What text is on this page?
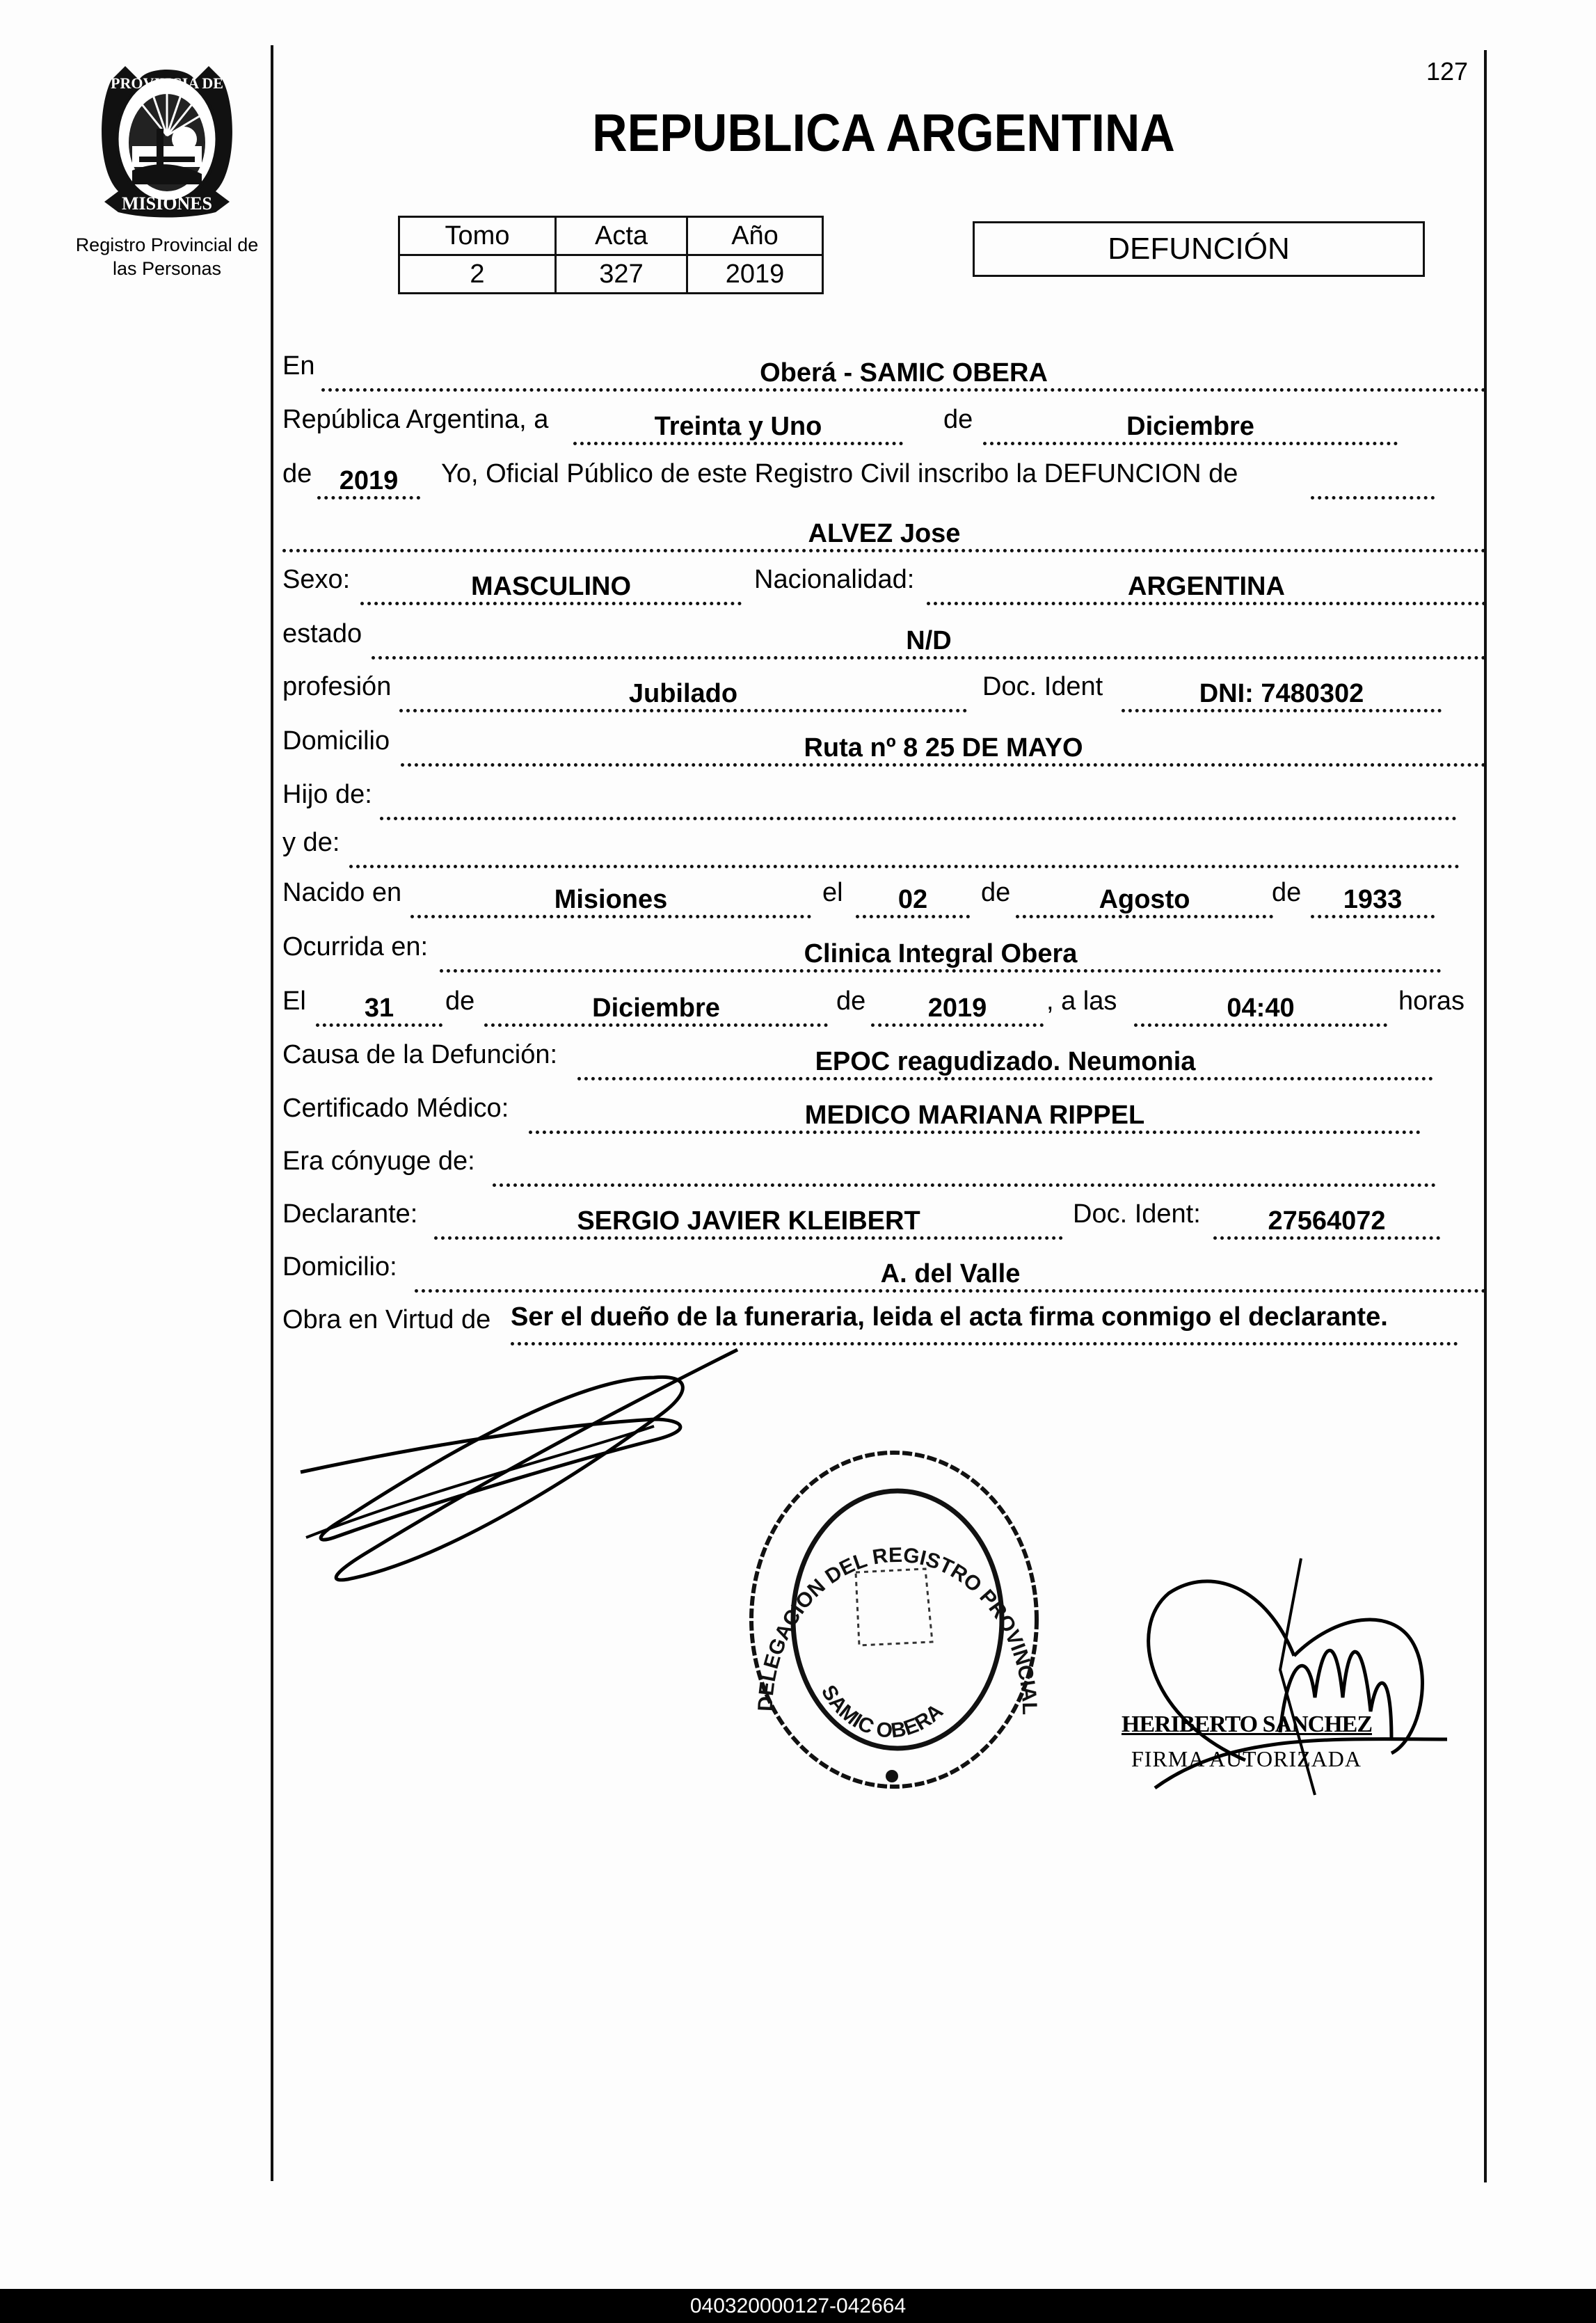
PROVINCIA DE
MISIONES
Registro Provincial de
las Personas
127
REPUBLICA ARGENTINA
Tomo	Acta	Año
2	327	2019
DEFUNCIÓN
En	Oberá - SAMIC OBERA
República Argentina, a	Treinta y Uno	de	Diciembre
de	2019	Yo, Oficial Público de este Registro Civil inscribo la DEFUNCION de
ALVEZ Jose
Sexo:	MASCULINO	Nacionalidad:	ARGENTINA
estado	N/D
profesión	Jubilado	Doc. Ident	DNI: 7480302
Domicilio	Ruta nº 8 25 DE MAYO
Hijo de:
y de:
Nacido en	Misiones	el	02	de	Agosto	de	1933
Ocurrida en:	Clinica Integral Obera
El	31	de	Diciembre	de	2019	, a las	04:40	horas
Causa de la Defunción:	EPOC reagudizado. Neumonia
Certificado Médico:	MEDICO MARIANA RIPPEL
Era cónyuge de:
Declarante:	SERGIO JAVIER KLEIBERT	Doc. Ident:	27564072
Domicilio:	A. del Valle
Obra en Virtud de Ser el dueño de la funeraria, leida el acta firma conmigo el declarante.
DELEGACION DEL REGISTRO PROVINCIAL DE LAS PERSONAS
SAMIC OBERA	HERIBERTO SANCHEZ
FIRMA AUTORIZADA
040320000127-042664
